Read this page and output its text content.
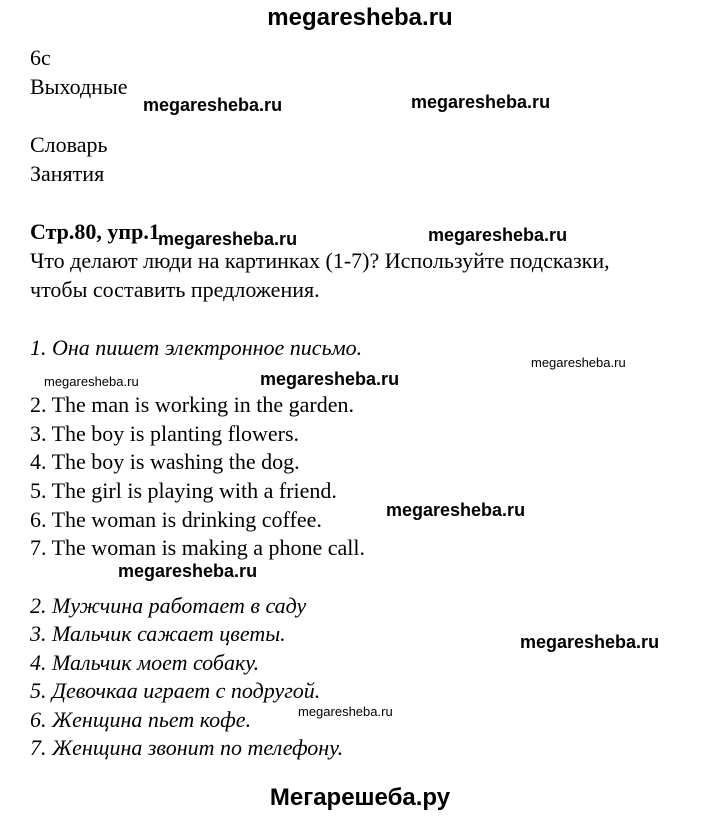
megaresheba.ru
6c
Выходные
Словарь
Занятия
Стр.80, упр.1
Что делают люди на картинках (1-7)? Используйте подсказки,
чтобы составить предложения.
1. Она пишет электронное письмо.
2. The man is working in the garden.
3. The boy is planting flowers.
4. The boy is washing the dog.
5. The girl is playing with a friend.
6. The woman is drinking coffee.
7. The woman is making a phone call.
2. Мужчина работает в саду
3. Мальчик сажает цветы.
4. Мальчик моет собаку.
5. Девочкаа играет с подругой.
6. Женщина пьет кофе.
7. Женщина звонит по телефону.
megaresheba.ru	megaresheba.ru
megaresheba.ru	megaresheba.ru
megaresheba.ru
megaresheba.ru	megaresheba.ru
megaresheba.ru
megaresheba.ru
megaresheba.ru
megaresheba.ru
Мегарешеба.ру
